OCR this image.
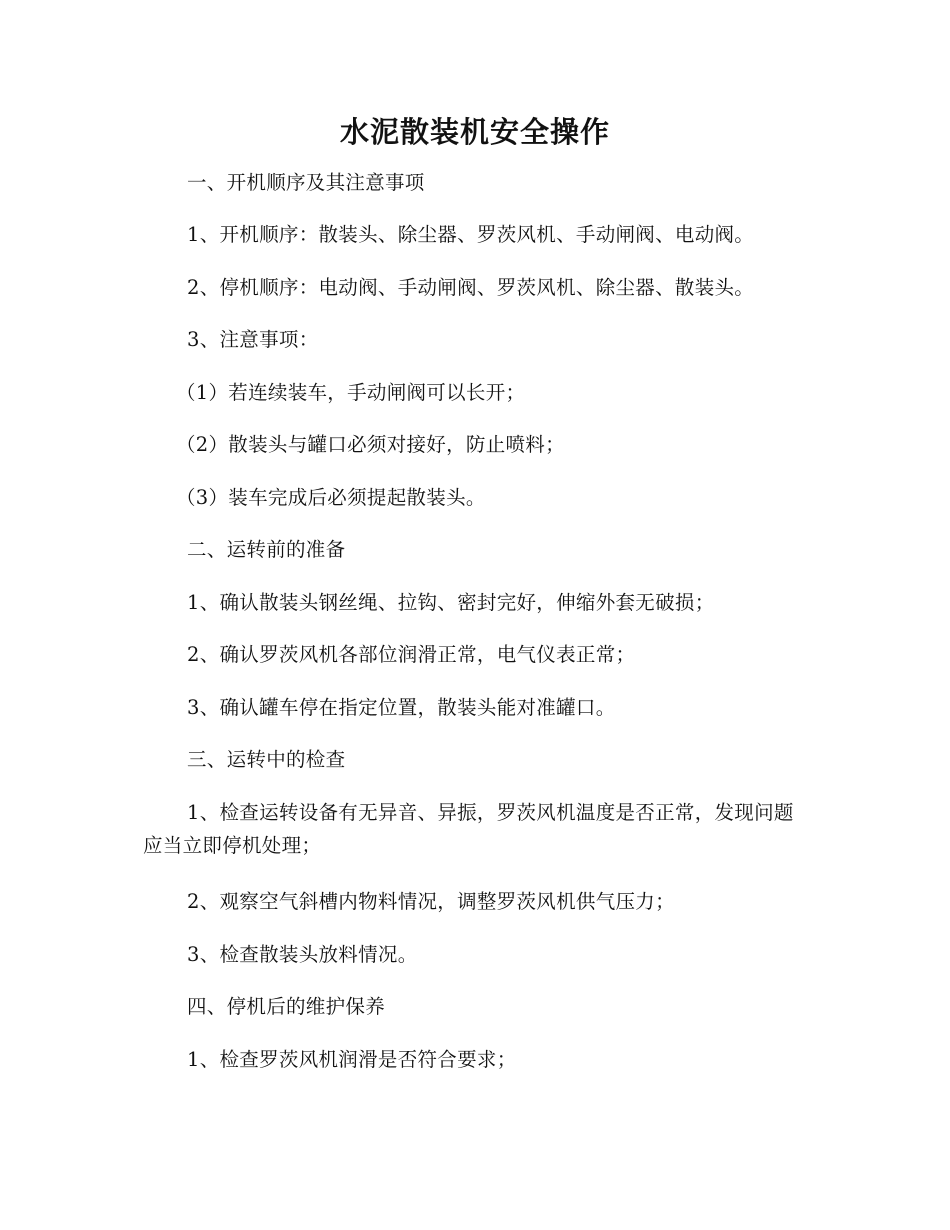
水泥散装机安全操作

一、开机顺序及其注意事项

1、开机顺序：散装头、除尘器、罗茨风机、手动闸阀、电动阀。

2、停机顺序：电动阀、手动闸阀、罗茨风机、除尘器、散装头。

3、注意事项：

（1）若连续装车，手动闸阀可以长开；

（2）散装头与罐口必须对接好，防止喷料；

（3）装车完成后必须提起散装头。

二、运转前的准备

1、确认散装头钢丝绳、拉钩、密封完好，伸缩外套无破损；

2、确认罗茨风机各部位润滑正常，电气仪表正常；

3、确认罐车停在指定位置，散装头能对准罐口。

三、运转中的检查

1、检查运转设备有无异音、异振，罗茨风机温度是否正常，发现问题应当立即停机处理；

2、观察空气斜槽内物料情况，调整罗茨风机供气压力；

3、检查散装头放料情况。

四、停机后的维护保养

1、检查罗茨风机润滑是否符合要求；
